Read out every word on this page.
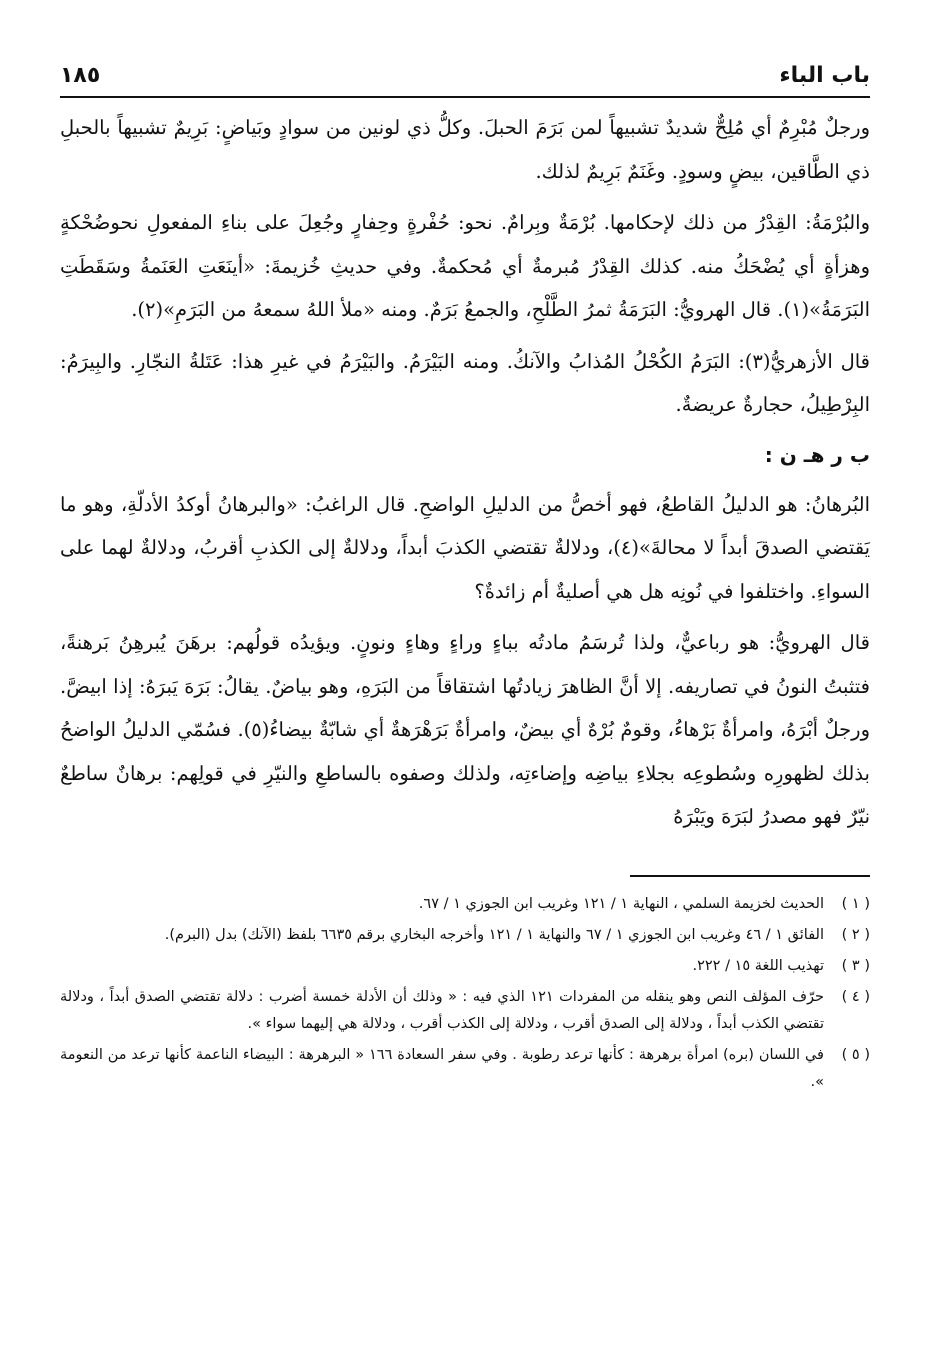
باب الباء
١٨٥

ورجلٌ مُبْرِمٌ أي مُلِحٌّ شديدٌ تشبيهاً لمن بَرَمَ الحبلَ. وكلُّ ذي لونين من سوادٍ وبَياضٍ: بَرِيمٌ تشبيهاً بالحبلِ ذي الطَّاقين، بيضٍ وسودٍ. وغَنَمٌ بَرِيمٌ لذلك.

والبُرْمَةُ: القِدْرُ من ذلك لإحكامها. بُرْمَةٌ وبِرامٌ. نحو: حُفْرةٍ وحِفارٍ وجُعِلَ على بناءِ المفعولِ نحوضُحْكةٍ وهزأةٍ أي يُضْحَكُ منه. كذلك القِدْرُ مُبرمةٌ أي مُحكمةٌ. وفي حديثِ خُزيمةَ: «أينَعَتِ العَنَمةُ وسَقَطَتِ البَرَمَةُ»(١). قال الهرويُّ: البَرَمَةُ ثمرُ الطَّلْحِ، والجمعُ بَرَمٌ. ومنه «ملأ اللهُ سمعهُ من البَرَمِ»(٢).

قال الأزهريُّ(٣): البَرَمُ الكُحْلُ المُذابُ والآنكُ. ومنه البَيْرَمُ. والبَيْرَمُ في غيرِ هذا: عَتَلةُ النجّارِ. والبِيرَمُ: البِرْطِيلُ، حجارةٌ عريضةٌ.

ب ر هـ ن :

البُرهانُ: هو الدليلُ القاطعُ، فهو أخصُّ من الدليلِ الواضحِ. قال الراغبُ: «والبرهانُ أوكدُ الأدلّةِ، وهو ما يَقتضي الصدقَ أبداً لا محالةَ»(٤)، ودلالةٌ تقتضي الكذبَ أبداً، ودلالةٌ إلى الكذبِ أقربُ، ودلالةٌ لهما على السواءِ. واختلفوا في نُونِه هل هي أصليةٌ أم زائدةٌ؟

قال الهرويُّ: هو رباعيٌّ، ولذا تُرسَمُ مادتُه بباءٍ وراءٍ وهاءٍ ونونٍ. ويؤيدُه قولُهم: برهَنَ يُبرهِنُ بَرهنةً، فتثبتُ النونُ في تصاريفه. إلا أنَّ الظاهرَ زيادتُها اشتقاقاً من البَرَهِ، وهو بياضٌ. يقالُ: بَرَهَ يَبرَهُ: إذا ابيضَّ. ورجلٌ أبْرَهُ، وامرأةٌ بَرْهاءُ، وقومٌ بُرْهٌ أي بيضٌ، وامرأةٌ بَرَهْرَهةٌ أي شابّةٌ بيضاءُ(٥). فسُمّي الدليلُ الواضحُ بذلك لظهورِه وسُطوعِه بجلاءِ بياضِه وإضاءتِه، ولذلك وصفوه بالساطعِ والنيّرِ في قولِهم: برهانٌ ساطعٌ نيّرٌ فهو مصدرُ لبَرَهَ ويَبْرَهُ

( ١ )
الحديث لخزيمة السلمي ، النهاية ١ / ١٢١ وغريب ابن الجوزي ١ / ٦٧.
( ٢ )
الفائق ١ / ٤٦ وغريب ابن الجوزي ١ / ٦٧ والنهاية ١ / ١٢١ وأخرجه البخاري برقم ٦٦٣٥ بلفظ (الآنك) بدل (البرم).
( ٣ )
تهذيب اللغة ١٥ / ٢٢٢.
( ٤ )
حرّف المؤلف النص وهو ينقله من المفردات ١٢١ الذي فيه : « وذلك أن الأدلة خمسة أضرب : دلالة تقتضي الصدق أبداً ، ودلالة تقتضي الكذب أبداً ، ودلالة إلى الصدق أقرب ، ودلالة إلى الكذب أقرب ، ودلالة هي إليهما سواء ».
( ٥ )
في اللسان (بره) امرأة برهرهة : كأنها ترعد رطوبة . وفي سفر السعادة ١٦٦ « البرهرهة : البيضاء الناعمة كأنها ترعد من النعومة ».
